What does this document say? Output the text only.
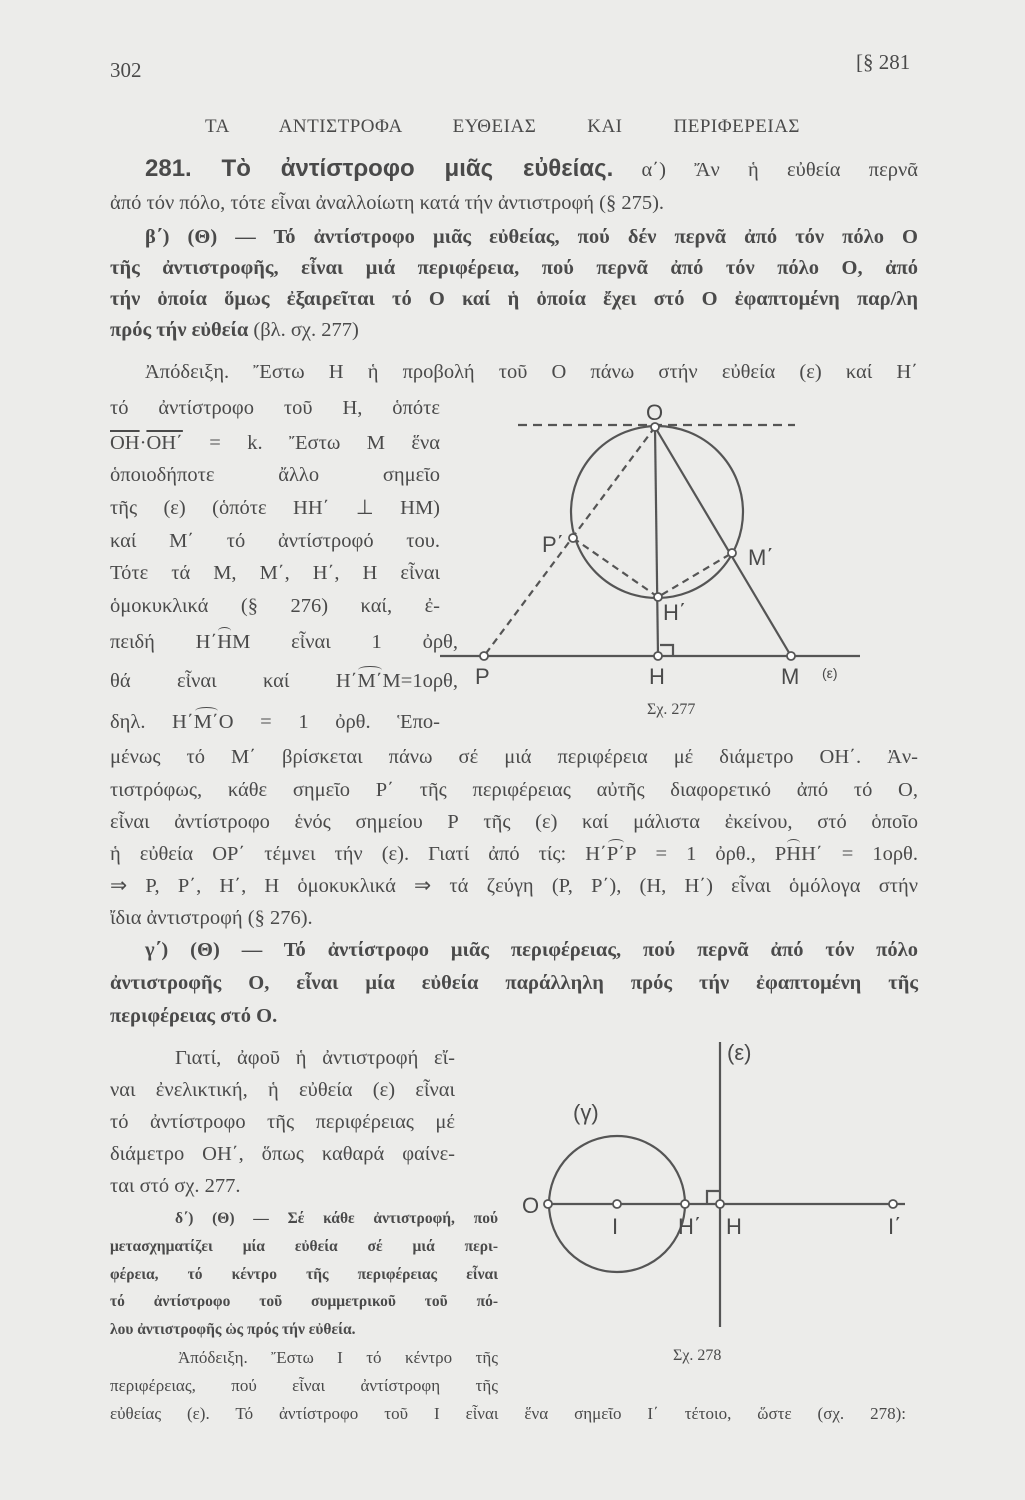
302	[§ 281
ΤΑ ΑΝΤΙΣΤΡΟΦΑ ΕΥΘΕΙΑΣ ΚΑΙ ΠΕΡΙΦΕΡΕΙΑΣ
281. Τὸ ἀντίστροφο μιᾶς εὐθείας. α΄) Ἄν ἡ εὐθεία περνᾶ
ἀπό τόν πόλο, τότε εἶναι ἀναλλοίωτη κατά τήν ἀντιστροφή (§ 275).
β΄) (Θ) — Τό ἀντίστροφο μιᾶς εὐθείας, πού δέν περνᾶ ἀπό τόν πόλο Ο
τῆς ἀντιστροφῆς, εἶναι μιά περιφέρεια, πού περνᾶ ἀπό τόν πόλο Ο, ἀπό
τήν ὁποία ὅμως ἐξαιρεῖται τό Ο καί ἡ ὁποία ἔχει στό Ο ἐφαπτομένη παρ/λη
πρός τήν εὐθεία (βλ. σχ. 277)
Ἀπόδειξη. Ἔστω Η ἡ προβολή τοῦ Ο πάνω στήν εὐθεία (ε) καί Η΄
τό ἀντίστροφο τοῦ Η, ὁπότε
$\overline{OH}\cdot\overline{OH΄} = k$. Ἔστω Μ ἕνα
ὁποιοδήποτε ἄλλο σημεῖο
τῆς (ε) (ὁπότε ΗΗ΄ ⊥ ΗΜ)
καί Μ΄ τό ἀντίστροφό του.
Τότε τά Μ, Μ΄, Η΄, Η εἶναι
ὁμοκυκλικά (§ 276) καί, ἐ-
πειδή Η΄ΗΜ εἶναι 1 ὀρθ,
θά εἶναι καί Η΄Μ΄Μ=1ορθ,
δηλ. Η΄Μ΄Ο = 1 ὀρθ. Ἑπο-
μένως τό Μ΄ βρίσκεται πάνω σέ μιά περιφέρεια μέ διάμετρο ΟΗ΄. Ἀν-
τιστρόφως, κάθε σημεῖο Ρ΄ τῆς περιφέρειας αὐτῆς διαφορετικό ἀπό τό Ο,
εἶναι ἀντίστροφο ἑνός σημείου Ρ τῆς (ε) καί μάλιστα ἐκείνου, στό ὁποῖο
ἡ εὐθεία ΟΡ΄ τέμνει τήν (ε). Γιατί ἀπό τίς: Η΄Ρ΄Ρ = 1 ὀρθ., ΡΗΗ΄ = 1ορθ.
⇒ Ρ, Ρ΄, Η΄, Η ὁμοκυκλικά ⇒ τά ζεύγη (Ρ, Ρ΄), (Η, Η΄) εἶναι ὁμόλογα στήν
ἴδια ἀντιστροφή (§ 276).
γ΄) (Θ) — Τό ἀντίστροφο μιᾶς περιφέρειας, πού περνᾶ ἀπό τόν πόλο
ἀντιστροφῆς Ο, εἶναι μία εὐθεία παράλληλη πρός τήν ἐφαπτομένη τῆς
περιφέρειας στό Ο.
Γιατί, ἀφοῦ ἡ ἀντιστροφή εἴ-
ναι ἐνελικτική, ἡ εὐθεία (ε) εἶναι
τό ἀντίστροφο τῆς περιφέρειας μέ
διάμετρο ΟΗ΄, ὅπως καθαρά φαίνε-
ται στό σχ. 277.
δ΄) (Θ) — Σέ κάθε ἀντιστροφή, πού
μετασχηματίζει μία εὐθεία σέ μιά περι-
φέρεια, τό κέντρο τῆς περιφέρειας εἶναι
τό ἀντίστροφο τοῦ συμμετρικοῦ τοῦ πό-
λου ἀντιστροφῆς ὡς πρός τήν εὐθεία.
Ἀπόδειξη. Ἔστω Ι τό κέντρο τῆς
περιφέρειας, πού εἶναι ἀντίστροφη τῆς
εὐθείας (ε). Τό ἀντίστροφο τοῦ Ι εἶναι ἕνα σημεῖο Ι΄ τέτοιο, ὥστε (σχ. 278):
O
P΄
M΄
H΄
P	H	M (ε)
Σχ. 277
O
I	H΄ H	I΄
(ε)
(γ)
Σχ. 278
